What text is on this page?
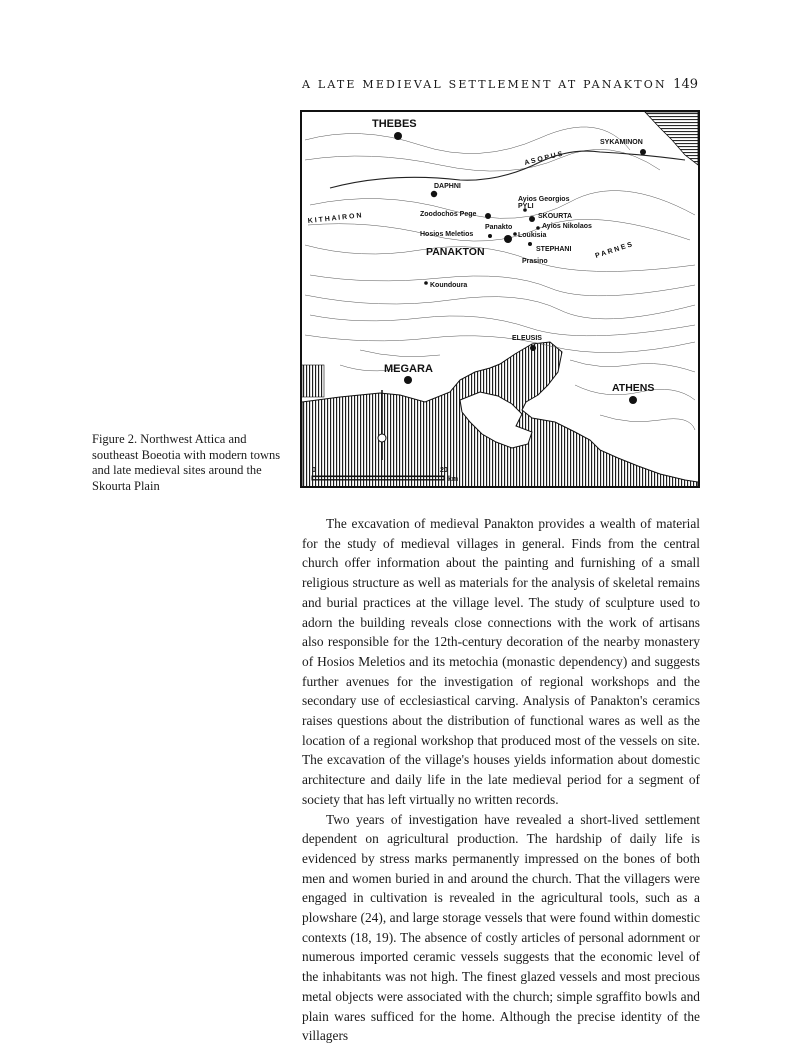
A LATE MEDIEVAL SETTLEMENT AT PANAKTON 149
THEBES
SYKAMINON
A S O P U S
DAPHNI
PYLI
Ayios Georgios
Zoodochos Pege	SKOURTA
Ayios Nikolaos
K I T H A I R O N
Panakto
Hosios Meletios	Loukisia
PANAKTON	STEPHANI	P A R N E S
Prasino
Koundoura
ELEUSIS
MEGARA
ATHENS
0	20
km
Figure 2. Northwest Attica and southeast Boeotia with modern towns and late medieval sites around the Skourta Plain

The excavation of medieval Panakton provides a wealth of material for the study of medieval villages in general. Finds from the central church offer information about the painting and furnishing of a small religious structure as well as materials for the analysis of skeletal remains and burial practices at the village level. The study of sculpture used to adorn the building reveals close connections with the work of artisans also responsible for the 12th-century decoration of the nearby monastery of Hosios Meletios and its metochia (monastic dependency) and suggests further avenues for the investigation of regional workshops and the secondary use of ecclesiastical carving. Analysis of Panakton's ceramics raises questions about the distribution of functional wares as well as the location of a regional workshop that produced most of the vessels on site. The excavation of the village's houses yields information about domestic architecture and daily life in the late medieval period for a segment of society that has left virtually no written records.

Two years of investigation have revealed a short-lived settlement dependent on agricultural production. The hardship of daily life is evidenced by stress marks permanently impressed on the bones of both men and women buried in and around the church. That the villagers were engaged in cultivation is revealed in the agricultural tools, such as a plowshare (24), and large storage vessels that were found within domestic contexts (18, 19). The absence of costly articles of personal adornment or numerous imported ceramic vessels suggests that the economic level of the inhabitants was not high. The finest glazed vessels and most precious metal objects were associated with the church; simple sgraffito bowls and plain wares sufficed for the home. Although the precise identity of the villagers
